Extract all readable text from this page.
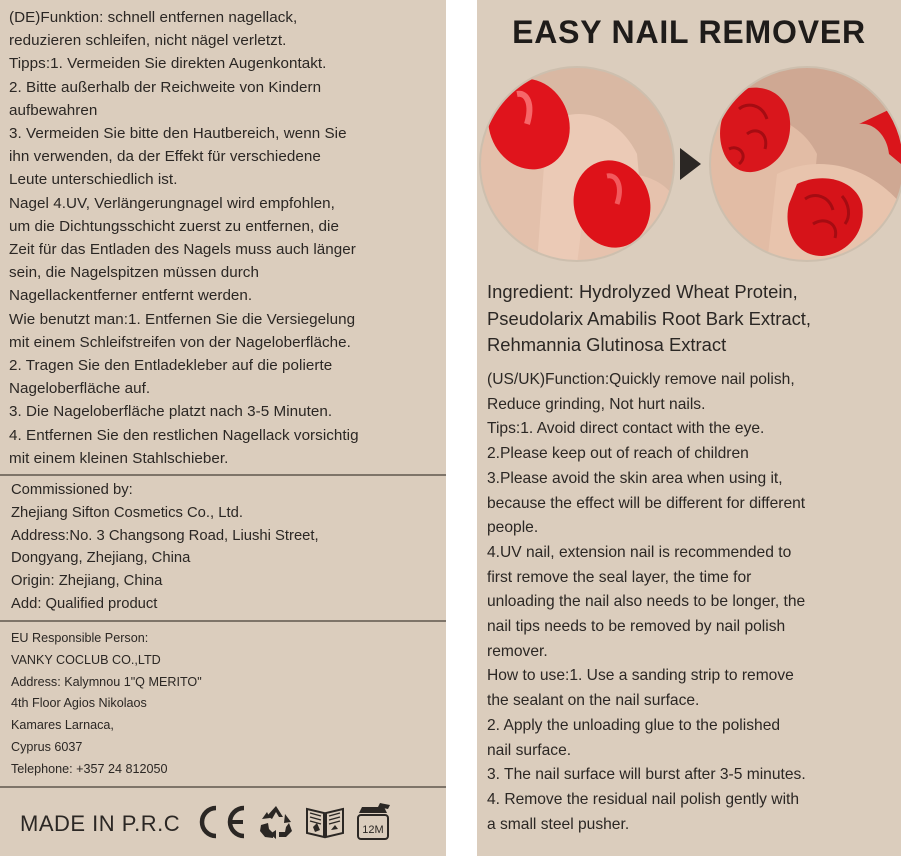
(DE)Funktion: schnell entfernen nagellack,
reduzieren schleifen, nicht nägel verletzt.
Tipps:1. Vermeiden Sie direkten Augenkontakt.
2. Bitte außerhalb der Reichweite von Kindern
aufbewahren
3. Vermeiden Sie bitte den Hautbereich, wenn Sie
ihn verwenden, da der Effekt für verschiedene
Leute unterschiedlich ist.
Nagel 4.UV, Verlängerungnagel wird empfohlen,
um die Dichtungsschicht zuerst zu entfernen, die
Zeit für das Entladen des Nagels muss auch länger
sein, die Nagelspitzen müssen durch
Nagellackentferner entfernt werden.
Wie benutzt man:1. Entfernen Sie die Versiegelung
mit einem Schleifstreifen von der Nageloberfläche.
2. Tragen Sie den Entladekleber auf die polierte
Nageloberfläche auf.
3. Die Nageloberfläche platzt nach 3-5 Minuten.
4. Entfernen Sie den restlichen Nagellack vorsichtig
mit einem kleinen Stahlschieber.
Commissioned by:
Zhejiang Sifton Cosmetics Co., Ltd.
Address:No. 3 Changsong Road, Liushi Street,
Dongyang, Zhejiang, China
Origin: Zhejiang, China
Add: Qualified product
EU Responsible Person:
VANKY COCLUB CO.,LTD
Address: Kalymnou 1"Q MERITO"
4th Floor Agios Nikolaos
Kamares Larnaca,
Cyprus 6037
Telephone: +357 24 812050
MADE IN P.R.C	12M
EASY NAIL REMOVER
Ingredient: Hydrolyzed Wheat Protein,
Pseudolarix Amabilis Root Bark Extract,
Rehmannia Glutinosa Extract
(US/UK)Function:Quickly remove nail polish,
Reduce grinding, Not hurt nails.
Tips:1. Avoid direct contact with the eye.
2.Please keep out of reach of children
3.Please avoid the skin area when using it,
because the effect will be different for different
people.
4.UV nail, extension nail is recommended to
first remove the seal layer, the time for
unloading the nail also needs to be longer, the
nail tips needs to be removed by nail polish
remover.
How to use:1. Use a sanding strip to remove
the sealant on the nail surface.
2. Apply the unloading glue to the polished
nail surface.
3. The nail surface will burst after 3-5 minutes.
4. Remove the residual nail polish gently with
a small steel pusher.
